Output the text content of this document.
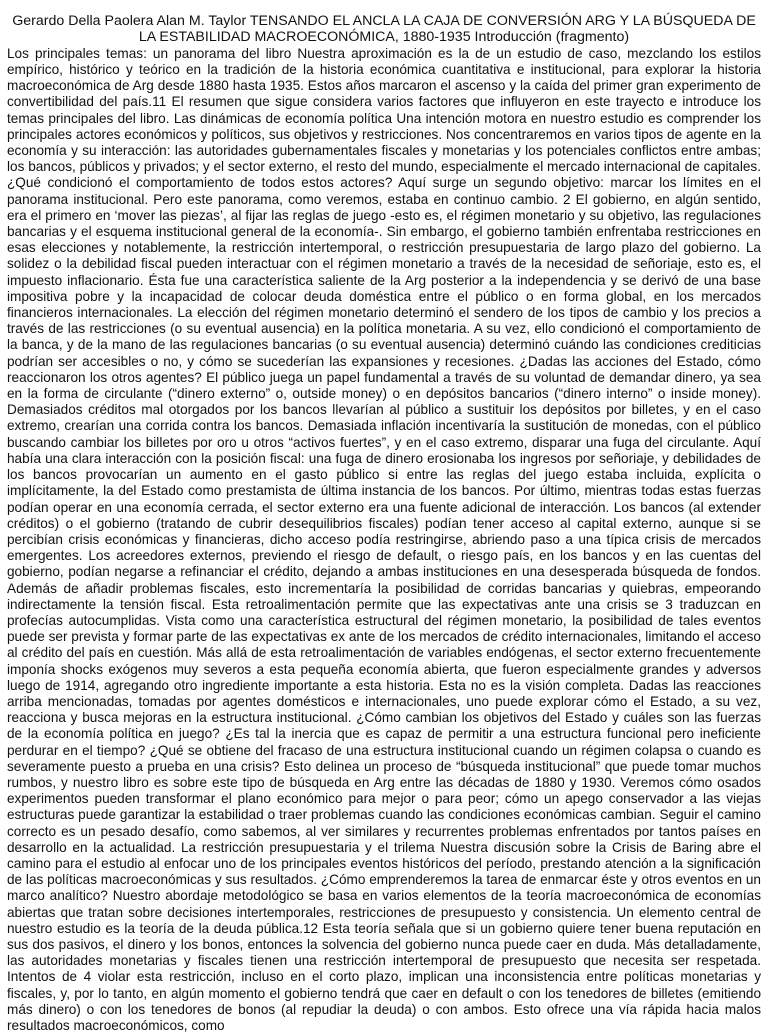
Gerardo Della Paolera Alan M. Taylor TENSANDO EL ANCLA LA CAJA DE CONVERSIÓN ARG Y LA BÚSQUEDA DE LA ESTABILIDAD MACROECONÓMICA, 1880-1935 Introducción (fragmento)

Los principales temas: un panorama del libro Nuestra aproximación es la de un estudio de caso, mezclando los estilos empírico, histórico y teórico en la tradición de la historia económica cuantitativa e institucional, para explorar la historia macroeconómica de Arg desde 1880 hasta 1935. Estos años marcaron el ascenso y la caída del primer gran experimento de convertibilidad del país.11 El resumen que sigue considera varios factores que influyeron en este trayecto e introduce los temas principales del libro. Las dinámicas de economía política Una intención motora en nuestro estudio es comprender los principales actores económicos y políticos, sus objetivos y restricciones. Nos concentraremos en varios tipos de agente en la economía y su interacción: las autoridades gubernamentales fiscales y monetarias y los potenciales conflictos entre ambas; los bancos, públicos y privados; y el sector externo, el resto del mundo, especialmente el mercado internacional de capitales. ¿Qué condicionó el comportamiento de todos estos actores? Aquí surge un segundo objetivo: marcar los límites en el panorama institucional. Pero este panorama, como veremos, estaba en continuo cambio. 2 El gobierno, en algún sentido, era el primero en ‘mover las piezas’, al fijar las reglas de juego -esto es, el régimen monetario y su objetivo, las regulaciones bancarias y el esquema institucional general de la economía-. Sin embargo, el gobierno también enfrentaba restricciones en esas elecciones y notablemente, la restricción intertemporal, o restricción presupuestaria de largo plazo del gobierno. La solidez o la debilidad fiscal pueden interactuar con el régimen monetario a través de la necesidad de señoriaje, esto es, el impuesto inflacionario. Ésta fue una característica saliente de la Arg posterior a la independencia y se derivó de una base impositiva pobre y la incapacidad de colocar deuda doméstica entre el público o en forma global, en los mercados financieros internacionales. La elección del régimen monetario determinó el sendero de los tipos de cambio y los precios a través de las restricciones (o su eventual ausencia) en la política monetaria. A su vez, ello condicionó el comportamiento de la banca, y de la mano de las regulaciones bancarias (o su eventual ausencia) determinó cuándo las condiciones crediticias podrían ser accesibles o no, y cómo se sucederían las expansiones y recesiones. ¿Dadas las acciones del Estado, cómo reaccionaron los otros agentes? El público juega un papel fundamental a través de su voluntad de demandar dinero, ya sea en la forma de circulante (“dinero externo” o, outside money) o en depósitos bancarios (“dinero interno” o inside money). Demasiados créditos mal otorgados por los bancos llevarían al público a sustituir los depósitos por billetes, y en el caso extremo, crearían una corrida contra los bancos. Demasiada inflación incentivaría la sustitución de monedas, con el público buscando cambiar los billetes por oro u otros “activos fuertes”, y en el caso extremo, disparar una fuga del circulante. Aquí había una clara interacción con la posición fiscal: una fuga de dinero erosionaba los ingresos por señoriaje, y debilidades de los bancos provocarían un aumento en el gasto público si entre las reglas del juego estaba incluida, explícita o implícitamente, la del Estado como prestamista de última instancia de los bancos. Por último, mientras todas estas fuerzas podían operar en una economía cerrada, el sector externo era una fuente adicional de interacción. Los bancos (al extender créditos) o el gobierno (tratando de cubrir desequilibrios fiscales) podían tener acceso al capital externo, aunque si se percibían crisis económicas y financieras, dicho acceso podía restringirse, abriendo paso a una típica crisis de mercados emergentes. Los acreedores externos, previendo el riesgo de default, o riesgo país, en los bancos y en las cuentas del gobierno, podían negarse a refinanciar el crédito, dejando a ambas instituciones en una desesperada búsqueda de fondos. Además de añadir problemas fiscales, esto incrementaría la posibilidad de corridas bancarias y quiebras, empeorando indirectamente la tensión fiscal. Esta retroalimentación permite que las expectativas ante una crisis se 3 traduzcan en profecías autocumplidas. Vista como una característica estructural del régimen monetario, la posibilidad de tales eventos puede ser prevista y formar parte de las expectativas ex ante de los mercados de crédito internacionales, limitando el acceso al crédito del país en cuestión. Más allá de esta retroalimentación de variables endógenas, el sector externo frecuentemente imponía shocks exógenos muy severos a esta pequeña economía abierta, que fueron especialmente grandes y adversos luego de 1914, agregando otro ingrediente importante a esta historia. Esta no es la visión completa. Dadas las reacciones arriba mencionadas, tomadas por agentes domésticos e internacionales, uno puede explorar cómo el Estado, a su vez, reacciona y busca mejoras en la estructura institucional. ¿Cómo cambian los objetivos del Estado y cuáles son las fuerzas de la economía política en juego? ¿Es tal la inercia que es capaz de permitir a una estructura funcional pero ineficiente perdurar en el tiempo? ¿Qué se obtiene del fracaso de una estructura institucional cuando un régimen colapsa o cuando es severamente puesto a prueba en una crisis? Esto delinea un proceso de “búsqueda institucional” que puede tomar muchos rumbos, y nuestro libro es sobre este tipo de búsqueda en Arg entre las décadas de 1880 y 1930. Veremos cómo osados experimentos pueden transformar el plano económico para mejor o para peor; cómo un apego conservador a las viejas estructuras puede garantizar la estabilidad o traer problemas cuando las condiciones económicas cambian. Seguir el camino correcto es un pesado desafío, como sabemos, al ver similares y recurrentes problemas enfrentados por tantos países en desarrollo en la actualidad. La restricción presupuestaria y el trilema Nuestra discusión sobre la Crisis de Baring abre el camino para el estudio al enfocar uno de los principales eventos históricos del período, prestando atención a la significación de las políticas macroeconómicas y sus resultados. ¿Cómo emprenderemos la tarea de enmarcar éste y otros eventos en un marco analítico? Nuestro abordaje metodológico se basa en varios elementos de la teoría macroeconómica de economías abiertas que tratan sobre decisiones intertemporales, restricciones de presupuesto y consistencia. Un elemento central de nuestro estudio es la teoría de la deuda pública.12 Esta teoría señala que si un gobierno quiere tener buena reputación en sus dos pasivos, el dinero y los bonos, entonces la solvencia del gobierno nunca puede caer en duda. Más detalladamente, las autoridades monetarias y fiscales tienen una restricción intertemporal de presupuesto que necesita ser respetada. Intentos de 4 violar esta restricción, incluso en el corto plazo, implican una inconsistencia entre políticas monetarias y fiscales, y, por lo tanto, en algún momento el gobierno tendrá que caer en default o con los tenedores de billetes (emitiendo más dinero) o con los tenedores de bonos (al repudiar la deuda) o con ambos. Esto ofrece una vía rápida hacia malos resultados macroeconómicos, como
